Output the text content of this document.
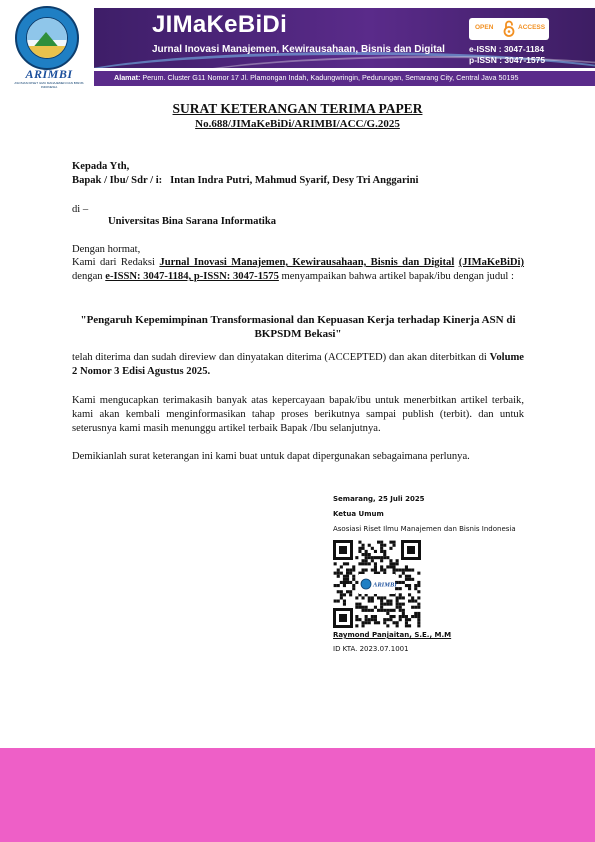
ARIMBI
ASOSIASI RISET ILMU MANAJEMEN DAN BISNIS INDONESIA
JIMaKeBiDi
Jurnal Inovasi Manajemen, Kewirausahaan, Bisnis dan Digital
OPEN	ACCESS
e-ISSN : 3047-1184
p-ISSN : 3047-1575
Alamat: Perum. Cluster G11 Nomor 17 Jl. Plamongan Indah, Kadungwringin, Pedurungan, Semarang City, Central Java 50195
SURAT KETERANGAN TERIMA PAPER
No.688/JIMaKeBiDi/ARIMBI/ACC/G.2025
Kepada Yth,
Bapak / Ibu/ Sdr / i: Intan Indra Putri, Mahmud Syarif, Desy Tri Anggarini
di –
Universitas Bina Sarana Informatika
Dengan hormat,
Kami dari Redaksi Jurnal Inovasi Manajemen, Kewirausahaan, Bisnis dan Digital (JIMaKeBiDi) dengan e-ISSN: 3047-1184, p-ISSN: 3047-1575 menyampaikan bahwa artikel bapak/ibu dengan judul :
"Pengaruh Kepemimpinan Transformasional dan Kepuasan Kerja terhadap Kinerja ASN di BKPSDM Bekasi"
telah diterima dan sudah direview dan dinyatakan diterima (ACCEPTED) dan akan diterbitkan di Volume 2 Nomor 3 Edisi Agustus 2025.
Kami mengucapkan terimakasih banyak atas kepercayaan bapak/ibu untuk menerbitkan artikel terbaik, kami akan kembali menginformasikan tahap proses berikutnya sampai publish (terbit). dan untuk seterusnya kami masih menunggu artikel terbaik Bapak /Ibu selanjutnya.
Demikianlah surat keterangan ini kami buat untuk dapat dipergunakan sebagaimana perlunya.
Semarang, 25 Juli 2025
Ketua Umum
Asosiasi Riset Ilmu Manajemen dan Bisnis Indonesia
ARIMBI
Raymond Panjaitan, S.E., M.M
ID KTA. 2023.07.1001
